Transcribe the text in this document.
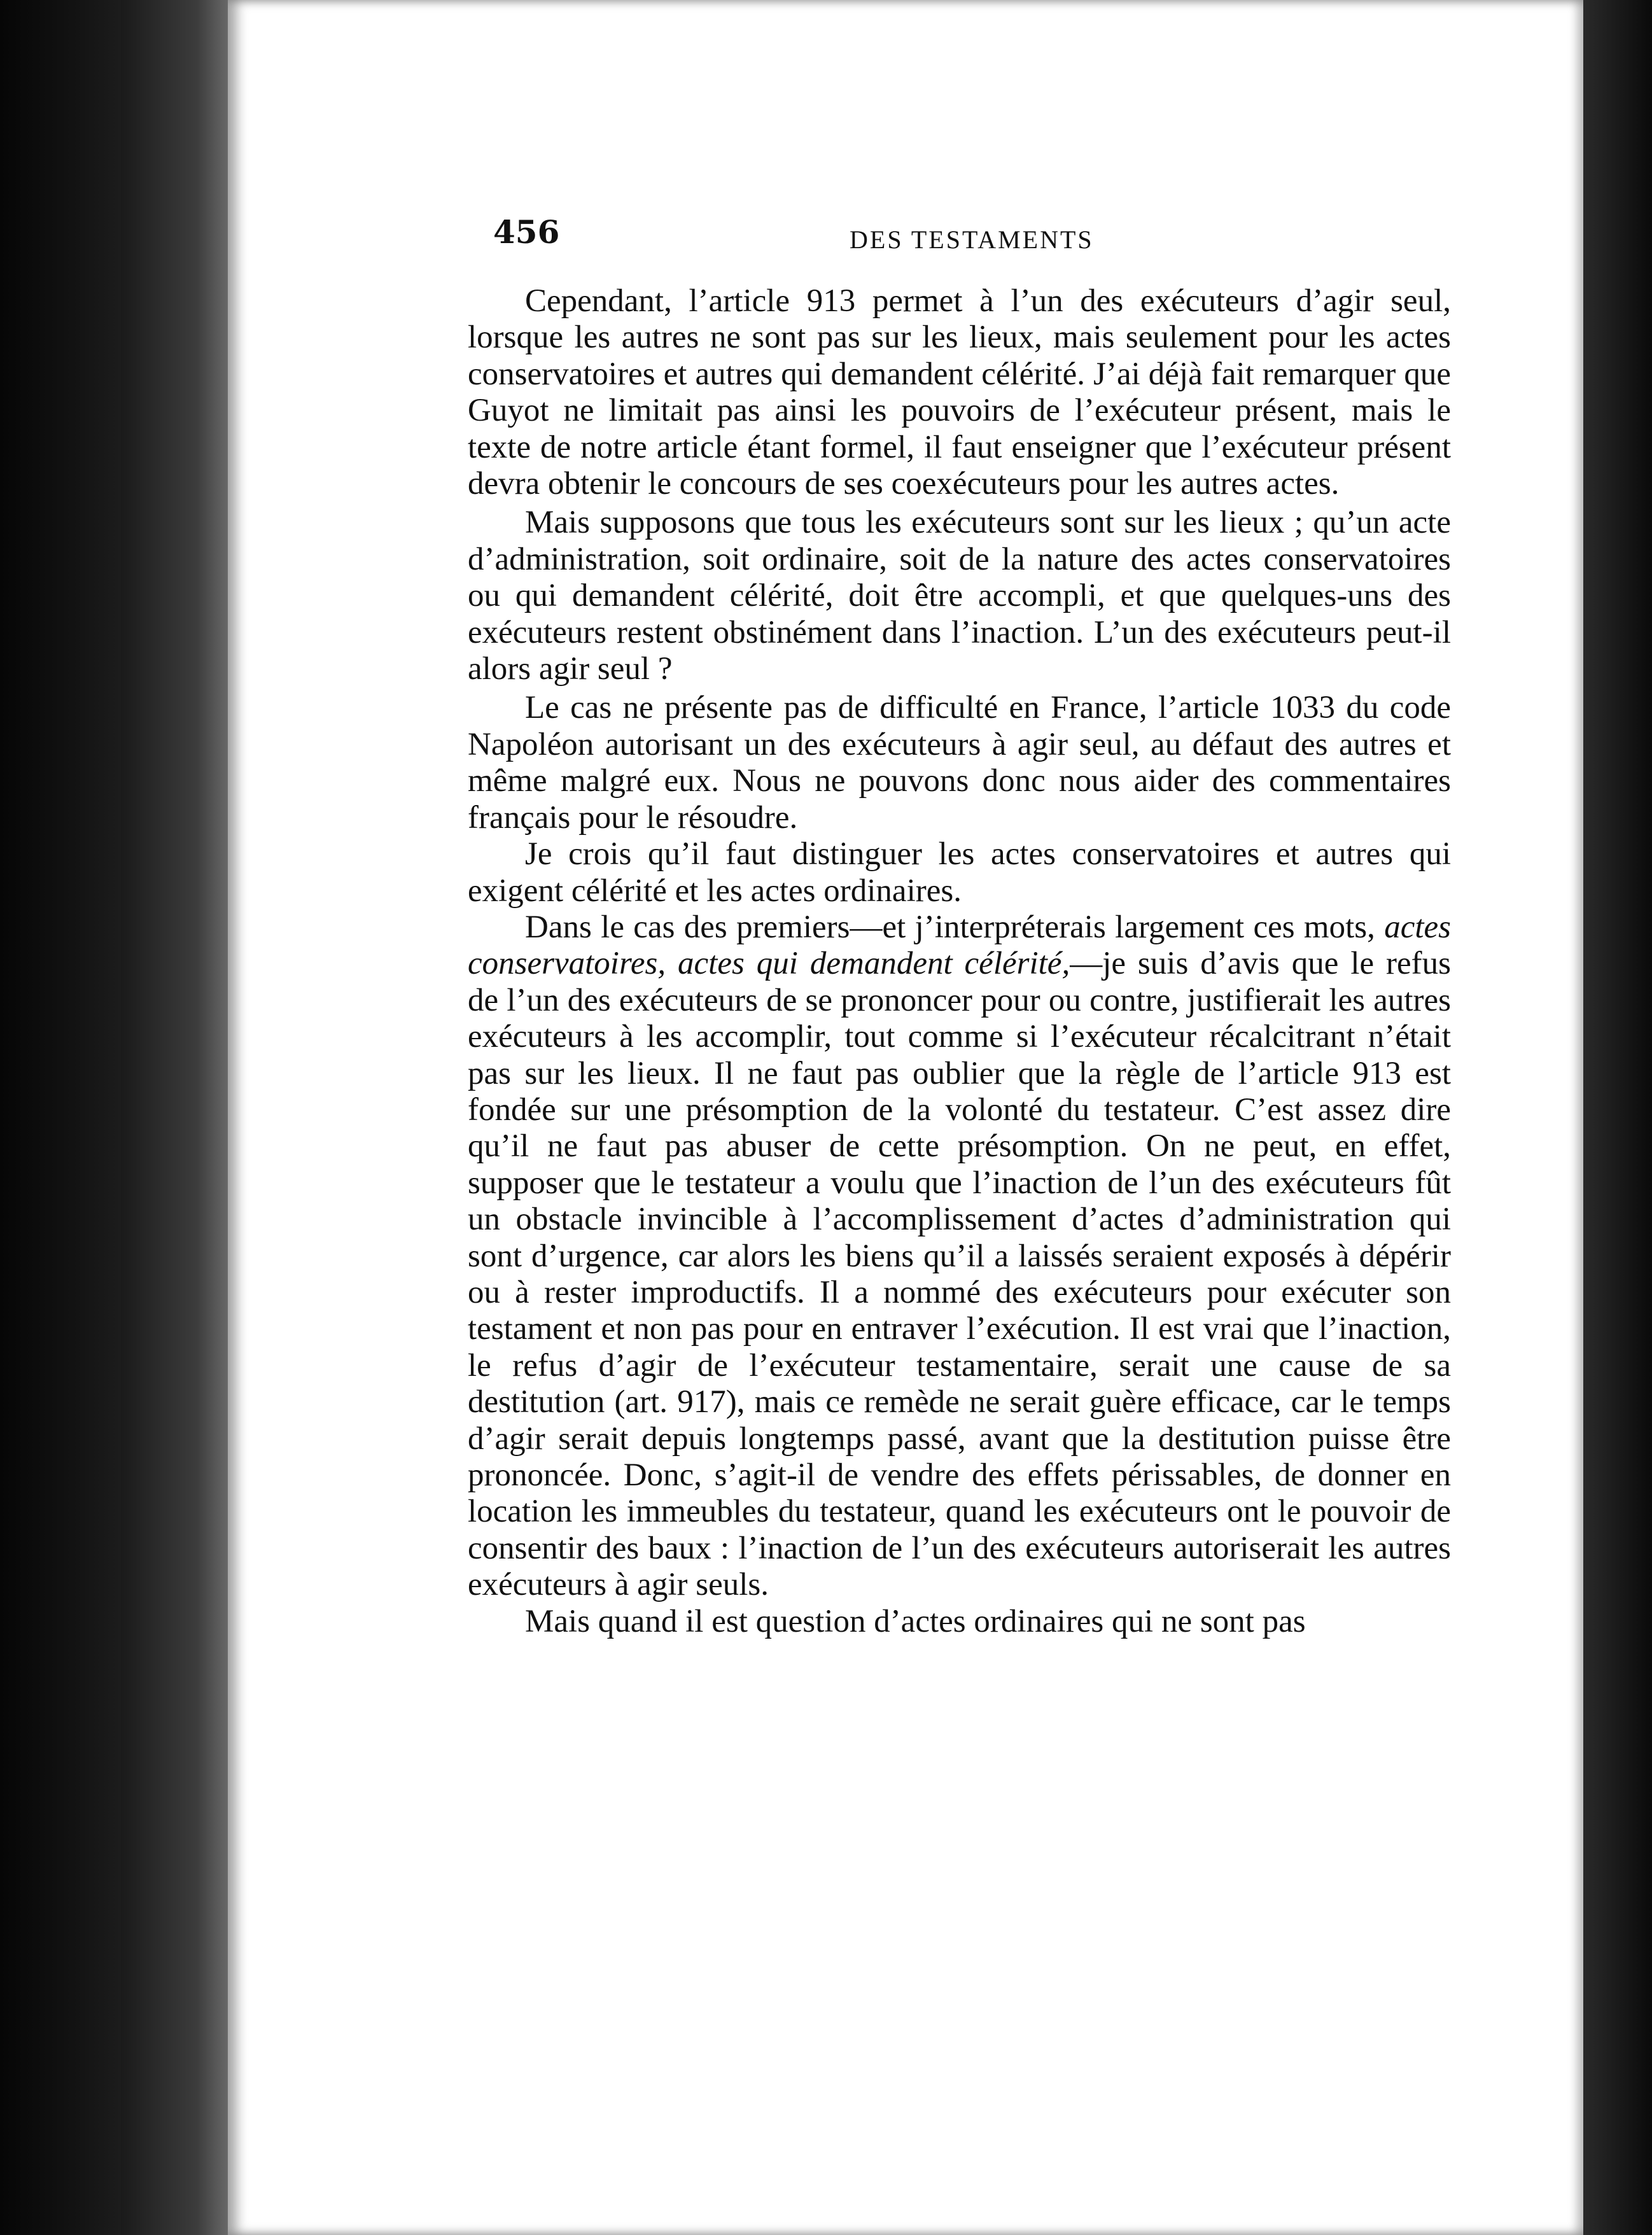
456	DES TESTAMENTS

Cependant, l’article 913 permet à l’un des exécuteurs d’agir seul, lorsque les autres ne sont pas sur les lieux, mais seulement pour les actes conservatoires et autres qui demandent célérité. J’ai déjà fait remarquer que Guyot ne limitait pas ainsi les pouvoirs de l’exécuteur présent, mais le texte de notre article étant formel, il faut enseigner que l’exécuteur présent devra obtenir le concours de ses coexécuteurs pour les autres actes.

Mais supposons que tous les exécuteurs sont sur les lieux ; qu’un acte d’administration, soit ordinaire, soit de la nature des actes conservatoires ou qui demandent célérité, doit être accompli, et que quelques-uns des exécuteurs restent obstinément dans l’inaction. L’un des exécuteurs peut-il alors agir seul ?

Le cas ne présente pas de difficulté en France, l’article 1033 du code Napoléon autorisant un des exécuteurs à agir seul, au défaut des autres et même malgré eux. Nous ne pouvons donc nous aider des commentaires français pour le résoudre.

Je crois qu’il faut distinguer les actes conservatoires et autres qui exigent célérité et les actes ordinaires.

Dans le cas des premiers—et j’interpréterais largement ces mots, actes conservatoires, actes qui demandent célérité,—je suis d’avis que le refus de l’un des exécuteurs de se prononcer pour ou contre, justifierait les autres exécuteurs à les accomplir, tout comme si l’exécuteur récalcitrant n’était pas sur les lieux. Il ne faut pas oublier que la règle de l’article 913 est fondée sur une présomption de la volonté du testateur. C’est assez dire qu’il ne faut pas abuser de cette présomption. On ne peut, en effet, supposer que le testateur a voulu que l’inaction de l’un des exécuteurs fût un obstacle invincible à l’accomplissement d’actes d’administration qui sont d’urgence, car alors les biens qu’il a laissés seraient exposés à dépérir ou à rester improductifs. Il a nommé des exécuteurs pour exécuter son testament et non pas pour en entraver l’exécution. Il est vrai que l’inaction, le refus d’agir de l’exécuteur testamentaire, serait une cause de sa destitution (art. 917), mais ce remède ne serait guère efficace, car le temps d’agir serait depuis longtemps passé, avant que la destitution puisse être prononcée. Donc, s’agit-il de vendre des effets périssables, de donner en location les immeubles du testateur, quand les exécuteurs ont le pouvoir de consentir des baux : l’inaction de l’un des exécuteurs autoriserait les autres exécuteurs à agir seuls.

Mais quand il est question d’actes ordinaires qui ne sont pas
